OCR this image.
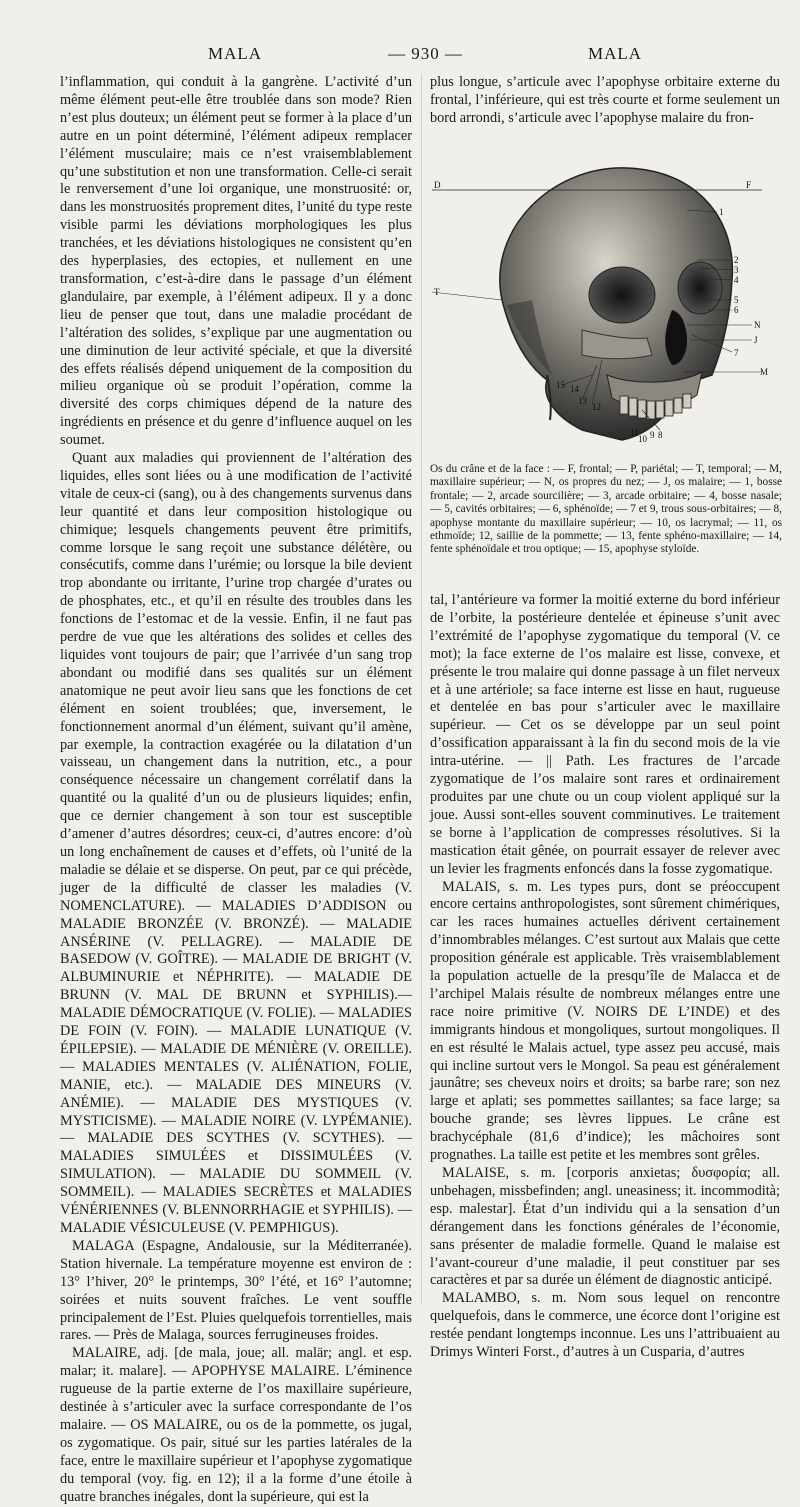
MALA	— 930 —	MALA

l’inflammation, qui conduit à la gangrène. L’activité d’un même élément peut-elle être troublée dans son mode? Rien n’est plus douteux; un élément peut se former à la place d’un autre en un point déterminé, l’élément adipeux remplacer l’élément musculaire; mais ce n’est vraisemblablement qu’une substitution et non une transformation. Celle-ci serait le renversement d’une loi organique, une monstruosité: or, dans les monstruosités proprement dites, l’unité du type reste visible parmi les déviations morphologiques les plus tranchées, et les déviations histologiques ne consistent qu’en des hyperplasies, des ectopies, et nullement en une transformation, c’est-à-dire dans le passage d’un élément glandulaire, par exemple, à l’élément adipeux. Il y a donc lieu de penser que tout, dans une maladie procédant de l’altération des solides, s’explique par une augmentation ou une diminution de leur activité spéciale, et que la diversité des effets réalisés dépend uniquement de la composition du milieu organique où se produit l’opération, comme la diversité des corps chimiques dépend de la nature des ingrédients en présence et du genre d’influence auquel on les soumet.

Quant aux maladies qui proviennent de l’altération des liquides, elles sont liées ou à une modification de l’activité vitale de ceux-ci (sang), ou à des changements survenus dans leur quantité et dans leur composition histologique ou chimique; lesquels changements peuvent être primitifs, comme lorsque le sang reçoit une substance délétère, ou consécutifs, comme dans l’urémie; ou lorsque la bile devient trop abondante ou irritante, l’urine trop chargée d’urates ou de phosphates, etc., et qu’il en résulte des troubles dans les fonctions de l’estomac et de la vessie. Enfin, il ne faut pas perdre de vue que les altérations des solides et celles des liquides vont toujours de pair; que l’arrivée d’un sang trop abondant ou modifié dans ses qualités sur un élément anatomique ne peut avoir lieu sans que les fonctions de cet élément en soient troublées; que, inversement, le fonctionnement anormal d’un élément, suivant qu’il amène, par exemple, la contraction exagérée ou la dilatation d’un vaisseau, un changement dans la nutrition, etc., a pour conséquence nécessaire un changement corrélatif dans la quantité ou la qualité d’un ou de plusieurs liquides; enfin, que ce dernier changement à son tour est susceptible d’amener d’autres désordres; ceux-ci, d’autres encore: d’où un long enchaînement de causes et d’effets, où l’unité de la maladie se délaie et se disperse. On peut, par ce qui précède, juger de la difficulté de classer les maladies (V. NOMENCLATURE). — MALADIES D’ADDISON ou MALADIE BRONZÉE (V. BRONZÉ). — MALADIE ANSÉRINE (V. PELLAGRE). — MALADIE DE BASEDOW (V. GOÎTRE). — MALADIE DE BRIGHT (V. ALBUMINURIE et NÉPHRITE). — MALADIE DE BRUNN (V. MAL DE BRUNN et SYPHILIS).— MALADIE DÉMOCRATIQUE (V. FOLIE). — MALADIES DE FOIN (V. FOIN). — MALADIE LUNATIQUE (V. ÉPILEPSIE). — MALADIE DE MÉNIÈRE (V. OREILLE). — MALADIES MENTALES (V. ALIÉNATION, FOLIE, MANIE, etc.). — MALADIE DES MINEURS (V. ANÉMIE). — MALADIE DES MYSTIQUES (V. MYSTICISME). — MALADIE NOIRE (V. LYPÉMANIE). — MALADIE DES SCYTHES (V. SCYTHES). — MALADIES SIMULÉES et DISSIMULÉES (V. SIMULATION). — MALADIE DU SOMMEIL (V. SOMMEIL). — MALADIES SECRÈTES et MALADIES VÉNÉRIENNES (V. BLENNORRHAGIE et SYPHILIS). — MALADIE VÉSICULEUSE (V. PEMPHIGUS).

MALAGA (Espagne, Andalousie, sur la Méditerranée). Station hivernale. La température moyenne est environ de : 13° l’hiver, 20° le printemps, 30° l’été, et 16° l’automne; soirées et nuits souvent fraîches. Le vent souffle principalement de l’Est. Pluies quelquefois torrentielles, mais rares. — Près de Malaga, sources ferrugineuses froides.

MALAIRE, adj. [de mala, joue; all. malär; angl. et esp. malar; it. malare]. — APOPHYSE MALAIRE. L’éminence rugueuse de la partie externe de l’os maxillaire supérieure, destinée à s’articuler avec la surface correspondante de l’os malaire. — OS MALAIRE, ou os de la pommette, os jugal, os zygomatique. Os pair, situé sur les parties latérales de la face, entre le maxillaire supérieur et l’apophyse zygomatique du temporal (voy. fig. en 12); il a la forme d’une étoile à quatre branches inégales, dont la supérieure, qui est la

plus longue, s’articule avec l’apophyse orbitaire externe du frontal, l’inférieure, qui est très courte et forme seulement un bord arrondi, s’articule avec l’apophyse malaire du fron-

D	F
1
2
3
4
5
6
7
N
J
M
T
8
9
10
11
12
13
14
15
Os du crâne et de la face : — F, frontal; — P, pariétal; — T, temporal; — M, maxillaire supérieur; — N, os propres du nez; — J, os malaire; — 1, bosse frontale; — 2, arcade sourcilière; — 3, arcade orbitaire; — 4, bosse nasale; — 5, cavités orbitaires; — 6, sphénoïde; — 7 et 9, trous sous-orbitaires; — 8, apophyse montante du maxillaire supérieur; — 10, os lacrymal; — 11, os ethmoïde; 12, saillie de la pommette; — 13, fente sphéno-maxillaire; — 14, fente sphénoïdale et trou optique; — 15, apophyse styloïde.

tal, l’antérieure va former la moitié externe du bord inférieur de l’orbite, la postérieure dentelée et épineuse s’unit avec l’extrémité de l’apophyse zygomatique du temporal (V. ce mot); la face externe de l’os malaire est lisse, convexe, et présente le trou malaire qui donne passage à un filet nerveux et à une artériole; sa face interne est lisse en haut, rugueuse et dentelée en bas pour s’articuler avec le maxillaire supérieur. — Cet os se développe par un seul point d’ossification apparaissant à la fin du second mois de la vie intra-utérine. — || Path. Les fractures de l’arcade zygomatique de l’os malaire sont rares et ordinairement produites par une chute ou un coup violent appliqué sur la joue. Aussi sont-elles souvent comminutives. Le traitement se borne à l’application de compresses résolutives. Si la mastication était gênée, on pourrait essayer de relever avec un levier les fragments enfoncés dans la fosse zygomatique.

MALAIS, s. m. Les types purs, dont se préoccupent encore certains anthropologistes, sont sûrement chimériques, car les races humaines actuelles dérivent certainement d’innombrables mélanges. C’est surtout aux Malais que cette proposition générale est applicable. Très vraisemblablement la population actuelle de la presqu’île de Malacca et de l’archipel Malais résulte de nombreux mélanges entre une race noire primitive (V. NOIRS DE L’INDE) et des immigrants hindous et mongoliques, surtout mongoliques. Il en est résulté le Malais actuel, type assez peu accusé, mais qui incline surtout vers le Mongol. Sa peau est généralement jaunâtre; ses cheveux noirs et droits; sa barbe rare; son nez large et aplati; ses pommettes saillantes; sa face large; sa bouche grande; ses lèvres lippues. Le crâne est brachycéphale (81,6 d’indice); les mâchoires sont prognathes. La taille est petite et les membres sont grêles.

MALAISE, s. m. [corporis anxietas; δυσφορία; all. unbehagen, missbefinden; angl. uneasiness; it. incommodità; esp. malestar]. État d’un individu qui a la sensation d’un dérangement dans les fonctions générales de l’économie, sans présenter de maladie formelle. Quand le malaise est l’avant-coureur d’une maladie, il peut constituer par ses caractères et par sa durée un élément de diagnostic anticipé.

MALAMBO, s. m. Nom sous lequel on rencontre quelquefois, dans le commerce, une écorce dont l’origine est restée pendant longtemps inconnue. Les uns l’attribuaient au Drimys Winteri Forst., d’autres à un Cusparia, d’autres
